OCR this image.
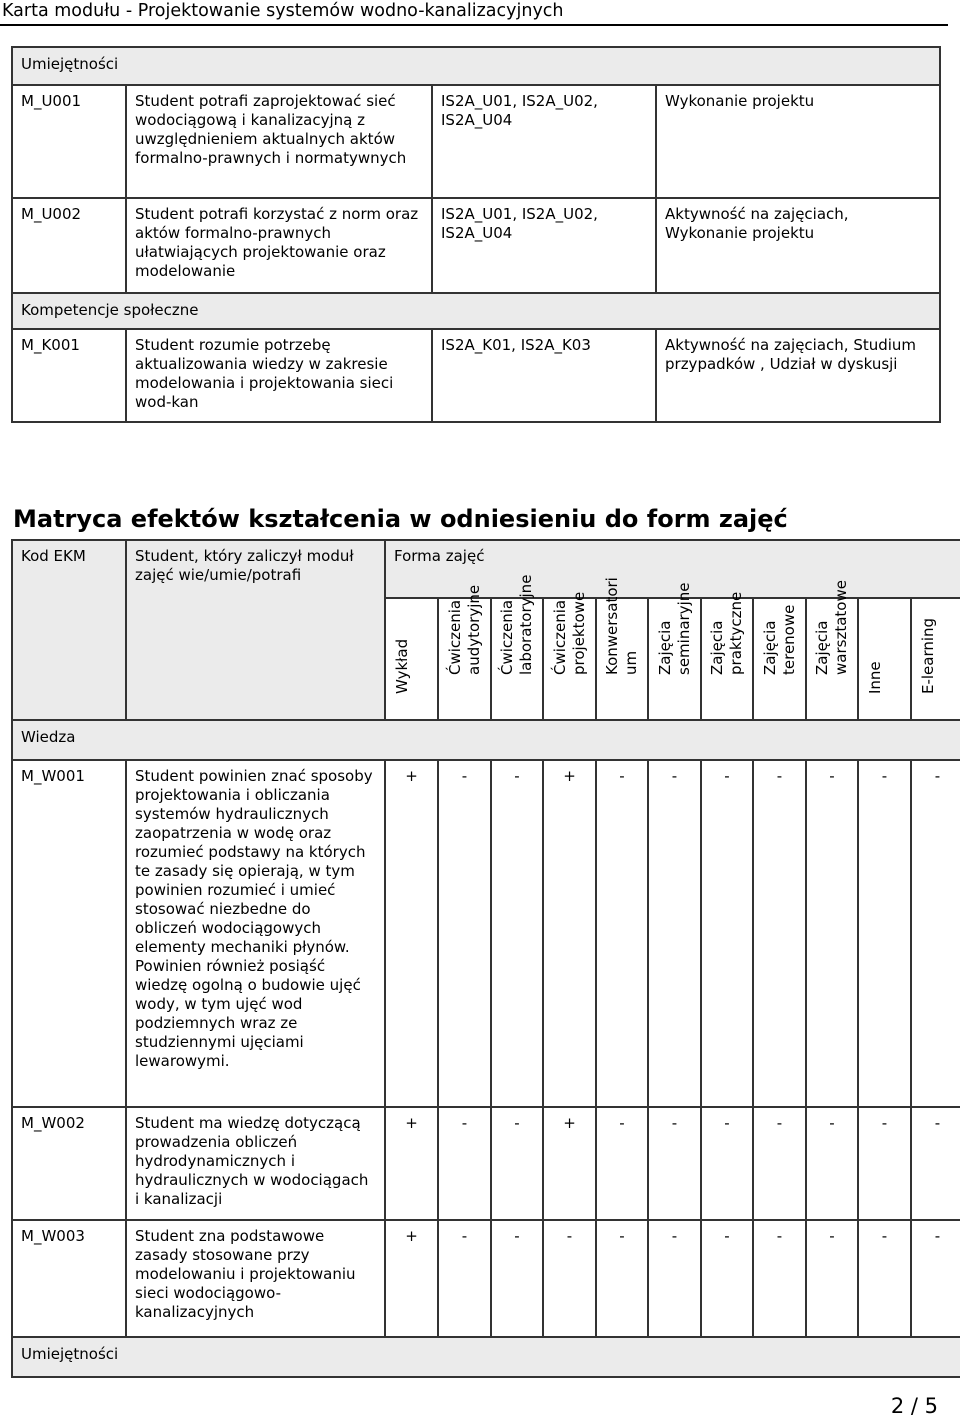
Karta modułu - Projektowanie systemów wodno-kanalizacyjnych
Umiejętności			
M_U001	Student potrafi zaprojektować sieć wodociągową i kanalizacyjną z uwzględnieniem aktualnych aktów formalno-prawnych i normatywnych	IS2A_U01, IS2A_U02, IS2A_U04	Wykonanie projektu
M_U002	Student potrafi korzystać z norm oraz aktów formalno-prawnych ułatwiających projektowanie oraz modelowanie	IS2A_U01, IS2A_U02, IS2A_U04	Aktywność na zajęciach, Wykonanie projektu
Kompetencje społeczne			
M_K001	Student rozumie potrzebę aktualizowania wiedzy w zakresie modelowania i projektowania sieci wod-kan	IS2A_K01, IS2A_K03	Aktywność na zajęciach, Studium przypadków , Udział w dyskusji
Matryca efektów kształcenia w odniesieniu do form zajęć
Kod EKM	Student, który zaliczył moduł zajęć wie/umie/potrafi	Forma zajęć										

		Wykład	Ćwiczenia audytoryjne	Ćwiczenia laboratoryjne	Ćwiczenia projektowe	Konwersatori um	Zajęcia seminaryjne	Zajęcia praktyczne	Zajęcia terenowe	Zajęcia warsztatowe	Inne	E-learning

Wiedza												
M_W001	Student powinien znać sposoby projektowania i obliczania systemów hydraulicznych zaopatrzenia w wodę oraz rozumieć podstawy na których te zasady się opierają, w tym powinien rozumieć i umieć stosować niezbedne do obliczeń wodociągowych elementy mechaniki płynów. Powinien również posiąść wiedzę ogolną o budowie ujęć wody, w tym ujęć wod podziemnych wraz ze studziennymi ujęciami lewarowymi.	+	-	-	+	-	-	-	-	-	-	-
M_W002	Student ma wiedzę dotyczącą prowadzenia obliczeń hydrodynamicznych i hydraulicznych w wodociągach i kanalizacji	+	-	-	+	-	-	-	-	-	-	-
M_W003	Student zna podstawowe zasady stosowane przy modelowaniu i projektowaniu sieci wodociągowo-kanalizacyjnych	+	-	-	-	-	-	-	-	-	-	-
Umiejętności												
2 / 5
